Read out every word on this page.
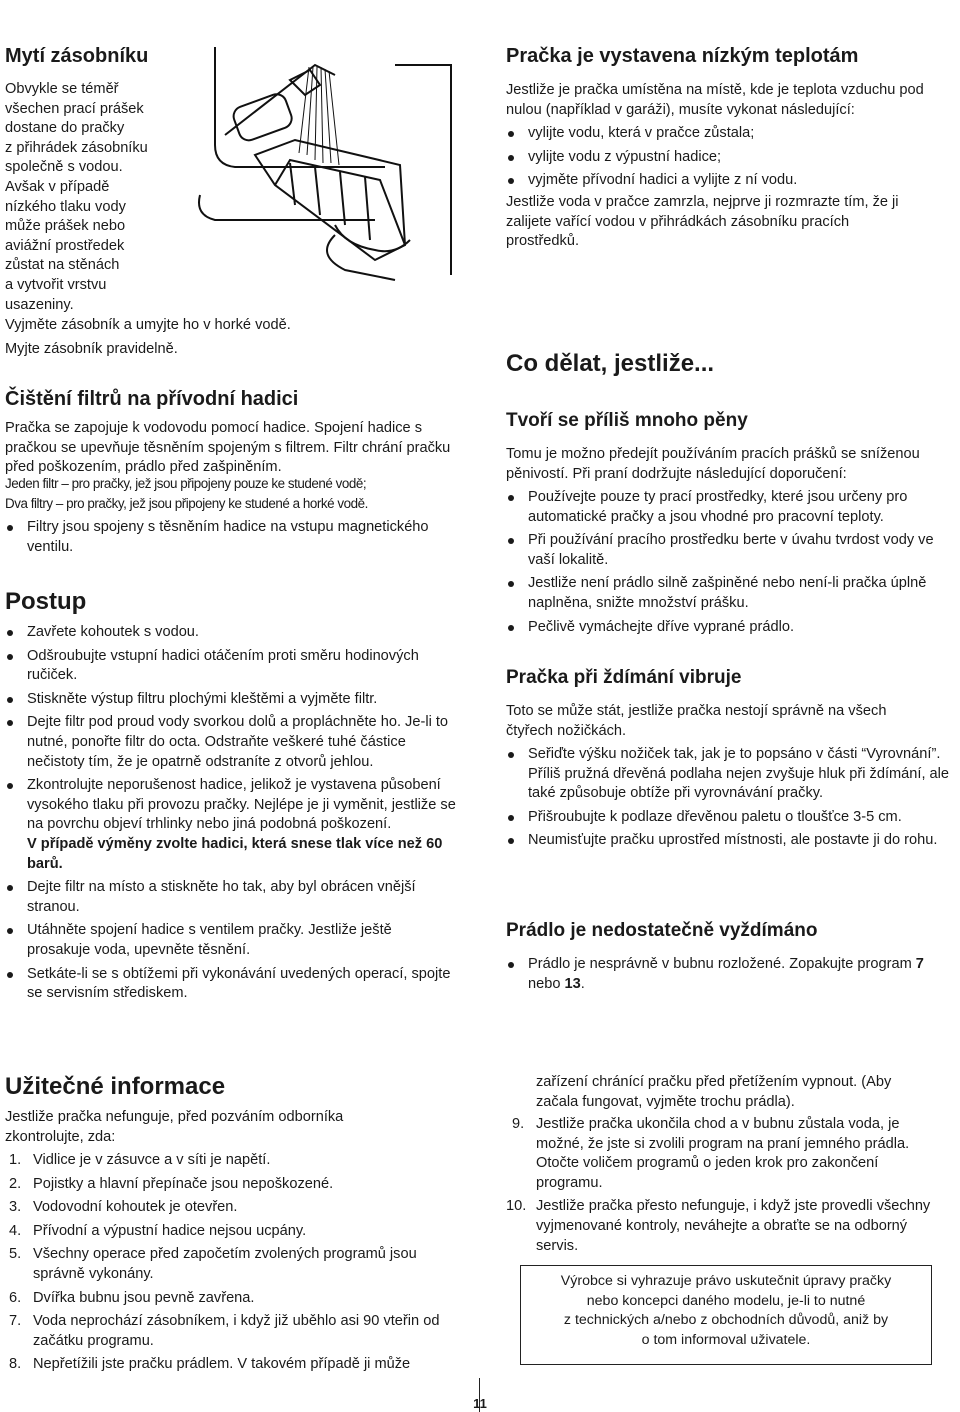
Mytí zásobníku

Obvykle se téměř

všechen prací prášek

dostane do pračky

z přihrádek zásobníku

společně s vodou.

Avšak v případě

nízkého tlaku vody

může prášek nebo

aviážní prostředek

zůstat na stěnách

a vytvořit vrstvu

usazeniny.

Vyjměte zásobník a umyjte ho v horké vodě.

Myjte zásobník pravidelně.

Čištění filtrů na přívodní hadici

Pračka se zapojuje k vodovodu pomocí hadice. Spojení hadice s pračkou se upevňuje těsněním spojeným s filtrem. Filtr chrání pračku před poškozením, prádlo před zašpiněním.

Jeden filtr – pro pračky, jež jsou připojeny pouze ke studené vodě;

Dva filtry – pro pračky, jež jsou připojeny ke studené a horké vodě.

Filtry jsou spojeny s těsněním hadice na vstupu magnetického ventilu.
Postup
Zavřete kohoutek s vodou.
Odšroubujte vstupní hadici otáčením proti směru hodinových ručiček.
Stiskněte výstup filtru plochými kleštěmi a vyjměte filtr.
Dejte filtr pod proud vody svorkou dolů a propláchněte ho. Je-li to nutné, ponořte filtr do octa. Odstraňte veškeré tuhé částice nečistoty tím, že je opatrně odstraníte z otvorů jehlou.
Zkontrolujte neporušenost hadice, jelikož je vystavena působení vysokého tlaku při provozu pračky. Nejlépe je ji vyměnit, jestliže se na povrchu objeví trhlinky nebo jiná podobná poškození.
V případě výměny zvolte hadici, která snese tlak více než 60 barů.
Dejte filtr na místo a stiskněte ho tak, aby byl obrácen vnější stranou.
Utáhněte spojení hadice s ventilem pračky. Jestliže ještě prosakuje voda, upevněte těsnění.
Setkáte-li se s obtížemi při vykonávání uvedených operací, spojte se servisním střediskem.
Pračka je vystavena nízkým teplotám

Jestliže je pračka umístěna na místě, kde je teplota vzduchu pod nulou (například v garáži), musíte vykonat následující:

vylijte vodu, která v pračce zůstala;
vylijte vodu z výpustní hadice;
vyjměte přívodní hadici a vylijte z ní vodu.

Jestliže voda v pračce zamrzla, nejprve ji rozmrazte tím, že ji zalijete vařící vodou v přihrádkách zásobníku pracích prostředků.

Co dělat, jestliže...
Tvoří se příliš mnoho pěny

Tomu je možno předejít používáním pracích prášků se sníženou pěnivostí. Při praní dodržujte následující doporučení:

Používejte pouze ty prací prostředky, které jsou určeny pro automatické pračky a jsou vhodné pro pracovní teploty.
Při používání pracího prostředku berte v úvahu tvrdost vody ve vaší lokalitě.
Jestliže není prádlo silně zašpiněné nebo není-li pračka úplně naplněna, snižte množství prášku.
Pečlivě vymáchejte dříve vyprané prádlo.
Pračka při ždímání vibruje

Toto se může stát, jestliže pračka nestojí správně na všech čtyřech nožičkách.

Seřiďte výšku nožiček tak, jak je to popsáno v části “Vyrovnání”. Příliš pružná dřevěná podlaha nejen zvyšuje hluk při ždímání, ale také způsobuje obtíže při vyrovnávání pračky.
Přišroubujte k podlaze dřevěnou paletu o tloušťce 3-5 cm.
Neumisťujte pračku uprostřed místnosti, ale postavte ji do rohu.
Prádlo je nedostatečně vyždímáno
Prádlo je nesprávně v bubnu rozložené. Zopakujte program 7 nebo 13.
Užitečné informace

Jestliže pračka nefunguje, před pozváním odborníka zkontrolujte, zda:

1. Vidlice je v zásuvce a v síti je napětí.
2. Pojistky a hlavní přepínače jsou nepoškozené.
3. Vodovodní kohoutek je otevřen.
4. Přívodní a výpustní hadice nejsou ucpány.
5. Všechny operace před započetím zvolených programů jsou správně vykonány.
6. Dvířka bubnu jsou pevně zavřena.
7. Voda neprochází zásobníkem, i když již uběhlo asi 90 vteřin od začátku programu.
8. Nepřetížili jste pračku prádlem. V takovém případě ji může

zařízení chránící pračku před přetížením vypnout. (Aby začala fungovat, vyjměte trochu prádla).

9. Jestliže pračka ukončila chod a v bubnu zůstala voda, je možné, že jste si zvolili program na praní jemného prádla. Otočte voličem programů o jeden krok pro zakončení programu.
10. Jestliže pračka přesto nefunguje, i když jste provedli všechny vyjmenované kontroly, neváhejte a obraťte se na odborný servis.
Výrobce si vyhrazuje právo uskutečnit úpravy pračky
nebo koncepci daného modelu, je-li to nutné
z technických a/nebo z obchodních důvodů, aniž by
o tom informoval uživatele.
11
